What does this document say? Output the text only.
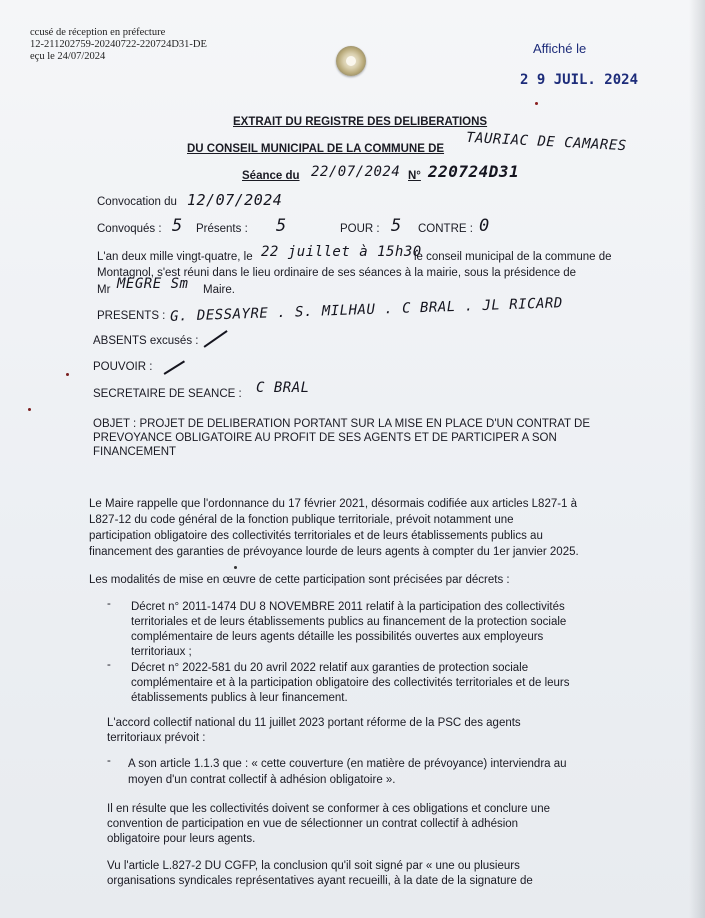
ccusé de réception en préfecture
12-211202759-20240722-220724D31-DE
eçu le 24/07/2024
Affiché le
2 9 JUIL. 2024
EXTRAIT DU REGISTRE DES DELIBERATIONS
DU CONSEIL MUNICIPAL DE LA COMMUNE DE TAURIAC DE CAMARES
Séance du 22/07/2024 N° 220724D31
Convocation du 12/07/2024
Convoqués : 5 Présents : 5	POUR : 5 CONTRE : 0
L'an deux mille vingt-quatre, le 22 juillet à 15h30
le conseil municipal de la commune de
Montagnol, s'est réuni dans le lieu ordinaire de ses séances à la mairie, sous la présidence de
Mr MEGRE Sm Maire.
PRESENTS : G. DESSAYRE . S. MILHAU . C BRAL . JL RICARD
ABSENTS excusés :
POUVOIR :
SECRETAIRE DE SEANCE : C BRAL
OBJET : PROJET DE DELIBERATION PORTANT SUR LA MISE EN PLACE D'UN CONTRAT DE
PREVOYANCE OBLIGATOIRE AU PROFIT DE SES AGENTS ET DE PARTICIPER A SON
FINANCEMENT
Le Maire rappelle que l'ordonnance du 17 février 2021, désormais codifiée aux articles L827-1 à
L827-12 du code général de la fonction publique territoriale, prévoit notamment une
participation obligatoire des collectivités territoriales et de leurs établissements publics au
financement des garanties de prévoyance lourde de leurs agents à compter du 1er janvier 2025.
Les modalités de mise en œuvre de cette participation sont précisées par décrets :
- Décret n° 2011-1474 DU 8 NOVEMBRE 2011 relatif à la participation des collectivités
territoriales et de leurs établissements publics au financement de la protection sociale
complémentaire de leurs agents détaille les possibilités ouvertes aux employeurs
territoriaux ;
- Décret n° 2022-581 du 20 avril 2022 relatif aux garanties de protection sociale
complémentaire et à la participation obligatoire des collectivités territoriales et de leurs
établissements publics à leur financement.
L'accord collectif national du 11 juillet 2023 portant réforme de la PSC des agents
territoriaux prévoit :
- A son article 1.1.3 que : « cette couverture (en matière de prévoyance) interviendra au
moyen d'un contrat collectif à adhésion obligatoire ».
Il en résulte que les collectivités doivent se conformer à ces obligations et conclure une
convention de participation en vue de sélectionner un contrat collectif à adhésion
obligatoire pour leurs agents.
Vu l'article L.827-2 DU CGFP, la conclusion qu'il soit signé par « une ou plusieurs
organisations syndicales représentatives ayant recueilli, à la date de la signature de
